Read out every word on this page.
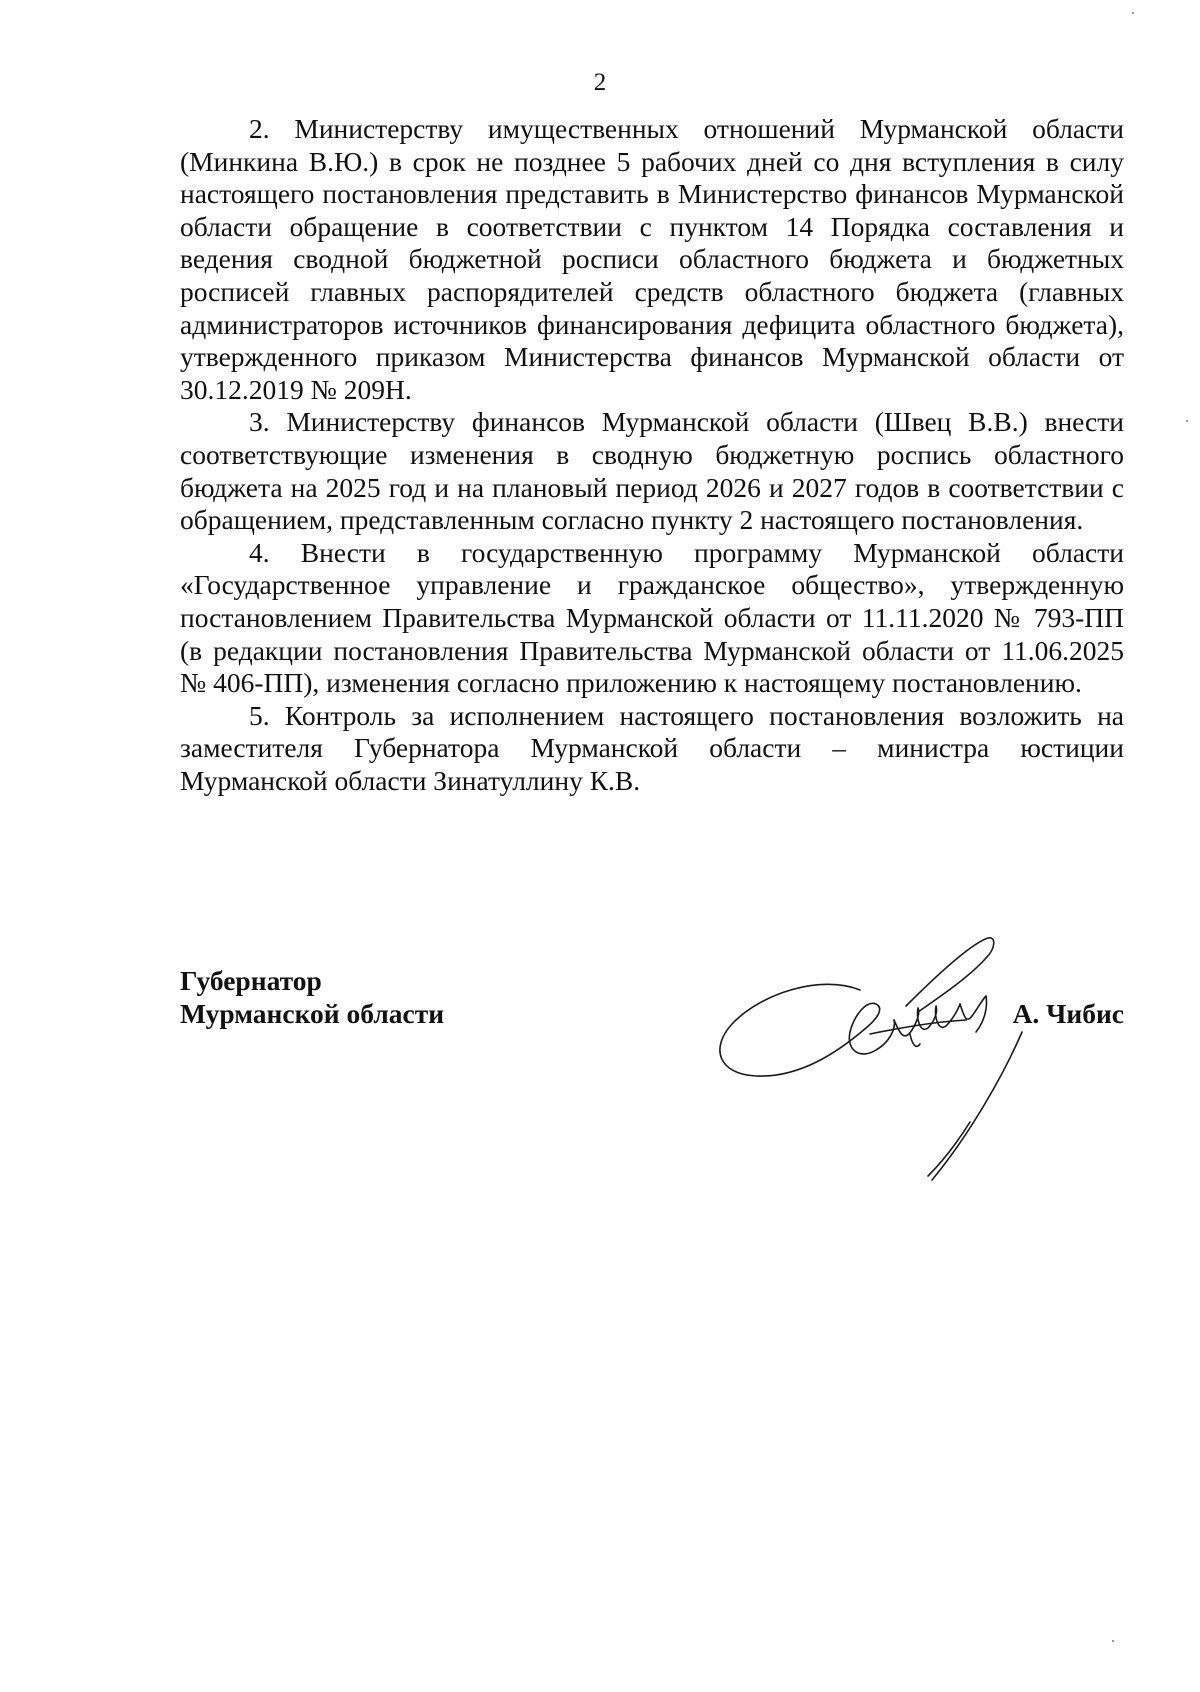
2

2. Министерству имущественных отношений Мурманской области (Минкина В.Ю.) в срок не позднее 5 рабочих дней со дня вступления в силу настоящего постановления представить в Министерство финансов Мурманской области обращение в соответствии с пунктом 14 Порядка составления и ведения сводной бюджетной росписи областного бюджета и бюджетных росписей главных распорядителей средств областного бюджета (главных администраторов источников финансирования дефицита областного бюджета), утвержденного приказом Министерства финансов Мурманской области от 30.12.2019 № 209Н.

3. Министерству финансов Мурманской области (Швец В.В.) внести соответствующие изменения в сводную бюджетную роспись областного бюджета на 2025 год и на плановый период 2026 и 2027 годов в соответствии с обращением, представленным согласно пункту 2 настоящего постановления.

4. Внести в государственную программу Мурманской области «Государственное управление и гражданское общество», утвержденную постановлением Правительства Мурманской области от 11.11.2020 № 793-ПП (в редакции постановления Правительства Мурманской области от 11.06.2025 № 406-ПП), изменения согласно приложению к настоящему постановлению.

5. Контроль за исполнением настоящего постановления возложить на заместителя Губернатора Мурманской области – министра юстиции Мурманской области Зинатуллину К.В.

Губернатор
Мурманской области	А. Чибис
